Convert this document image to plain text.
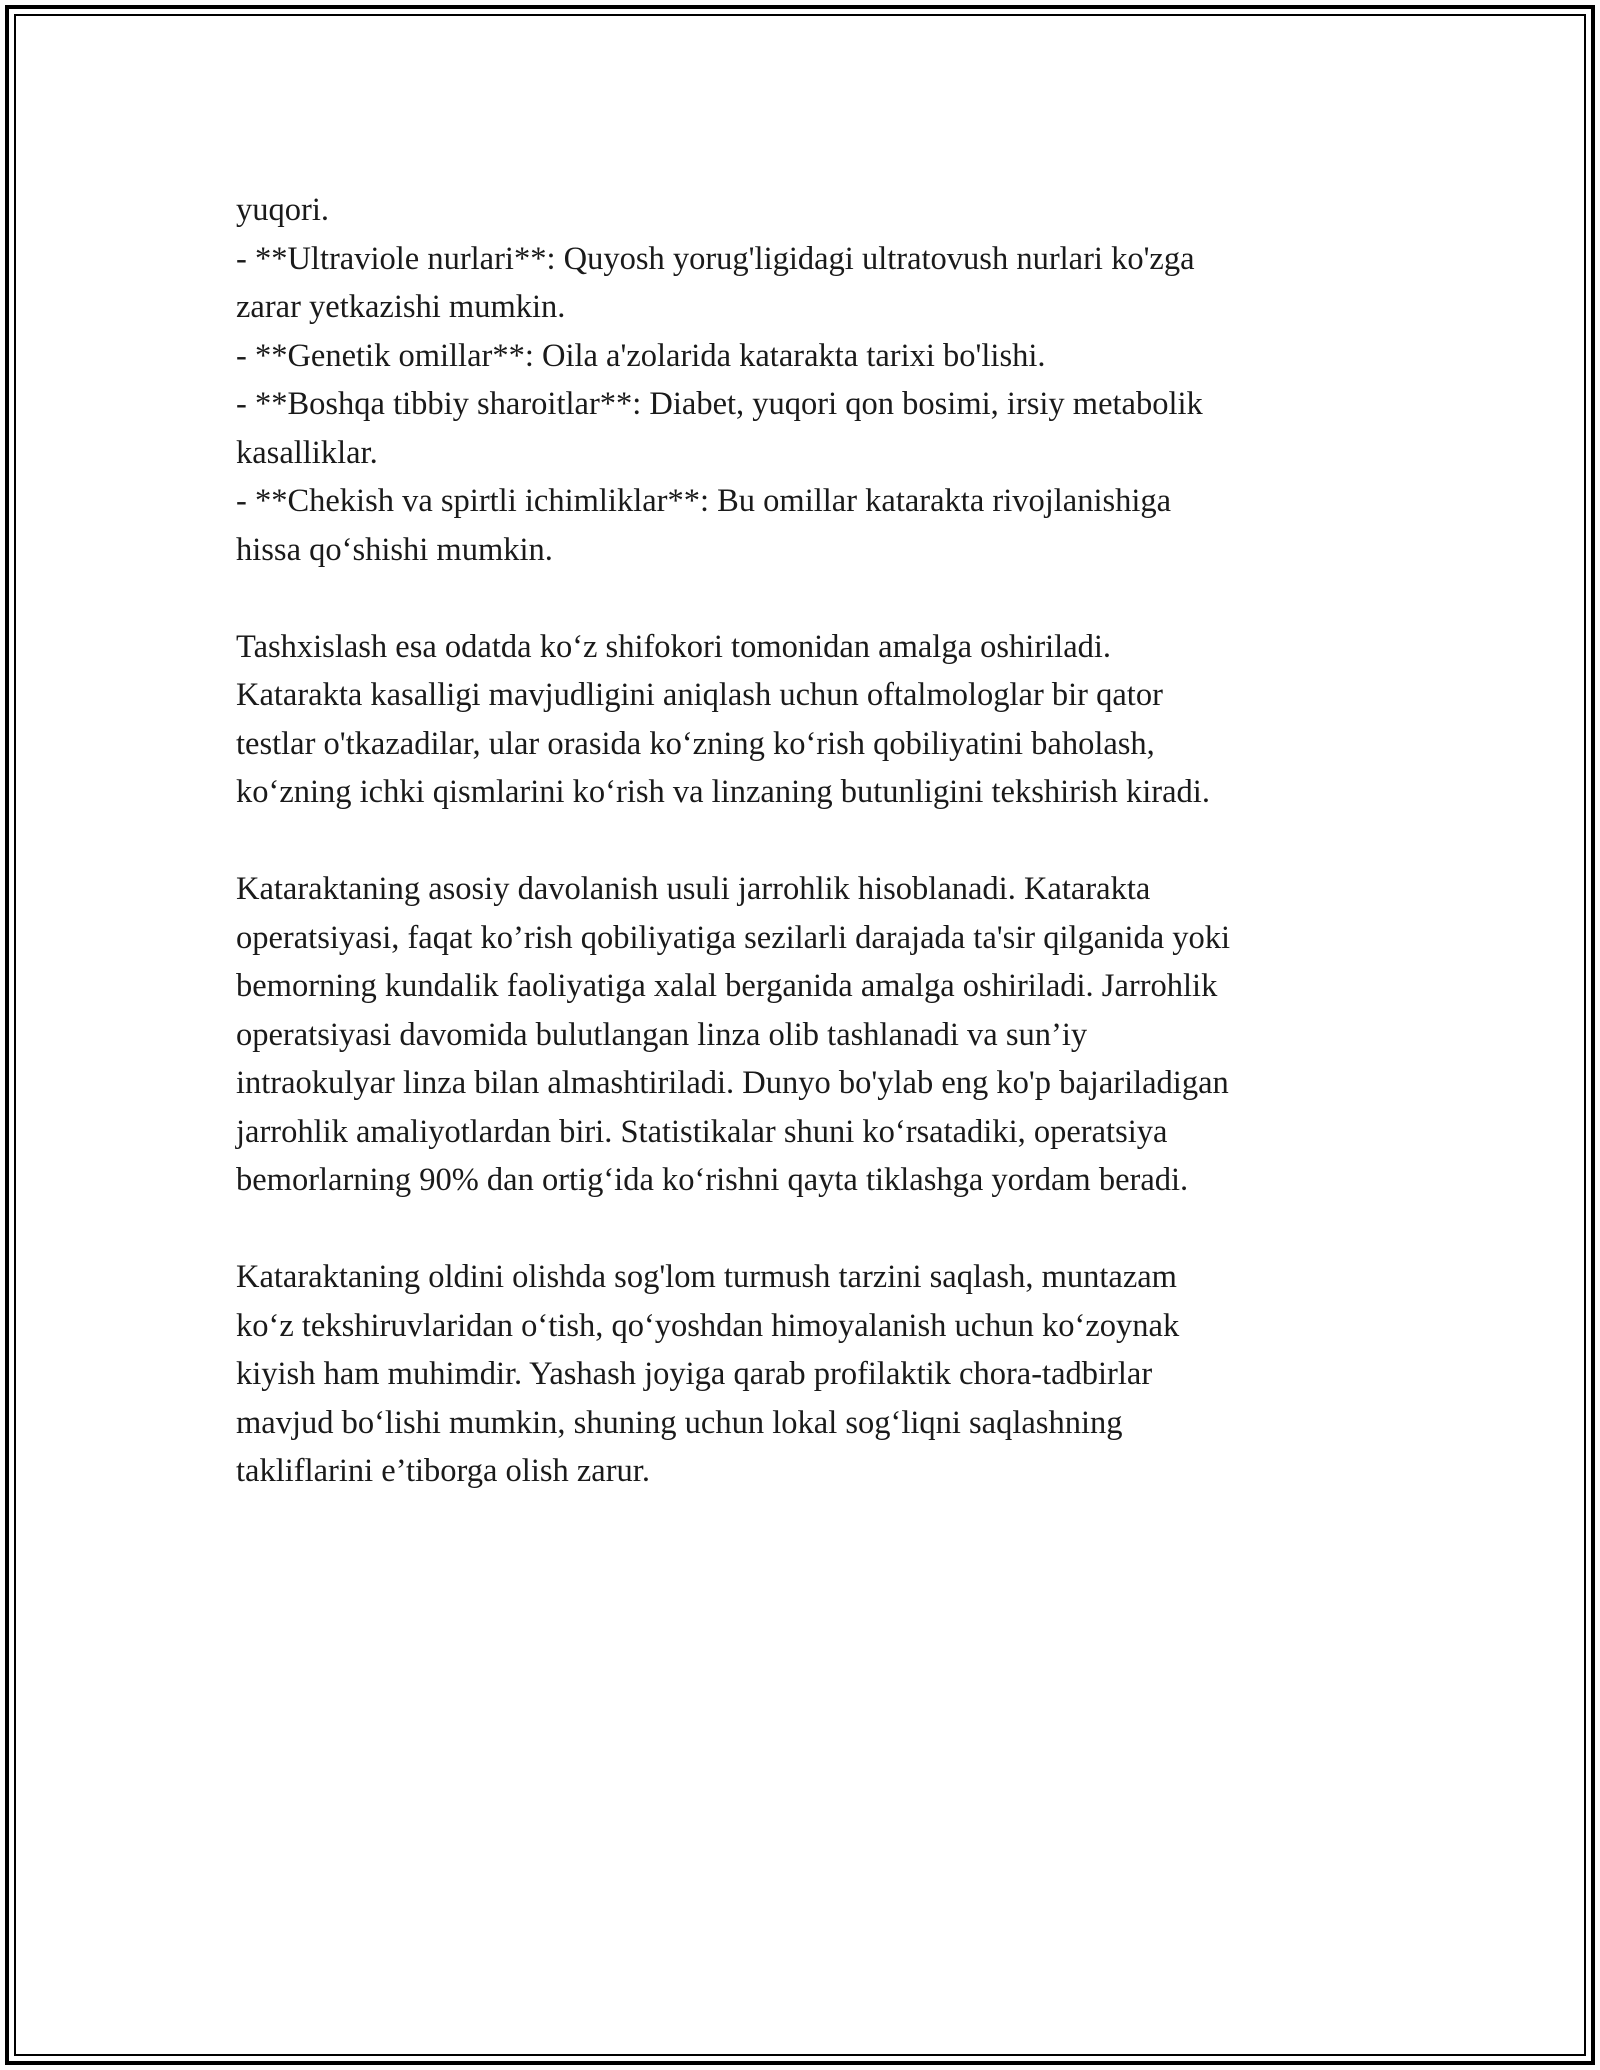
yuqori.
- **Ultraviole nurlari**: Quyosh yorug'ligidagi ultratovush nurlari ko'zga
zarar yetkazishi mumkin.
- **Genetik omillar**: Oila a'zolarida katarakta tarixi bo'lishi.
- **Boshqa tibbiy sharoitlar**: Diabet, yuqori qon bosimi, irsiy metabolik
kasalliklar.
- **Chekish va spirtli ichimliklar**: Bu omillar katarakta rivojlanishiga
hissa qo‘shishi mumkin.
Tashxislash esa odatda ko‘z shifokori tomonidan amalga oshiriladi.
Katarakta kasalligi mavjudligini aniqlash uchun oftalmologlar bir qator
testlar o'tkazadilar, ular orasida ko‘zning ko‘rish qobiliyatini baholash,
ko‘zning ichki qismlarini ko‘rish va linzaning butunligini tekshirish kiradi.
Kataraktaning asosiy davolanish usuli jarrohlik hisoblanadi. Katarakta
operatsiyasi, faqat ko’rish qobiliyatiga sezilarli darajada ta'sir qilganida yoki
bemorning kundalik faoliyatiga xalal berganida amalga oshiriladi. Jarrohlik
operatsiyasi davomida bulutlangan linza olib tashlanadi va sun’iy
intraokulyar linza bilan almashtiriladi. Dunyo bo'ylab eng ko'p bajariladigan
jarrohlik amaliyotlardan biri. Statistikalar shuni ko‘rsatadiki, operatsiya
bemorlarning 90% dan ortig‘ida ko‘rishni qayta tiklashga yordam beradi.
Kataraktaning oldini olishda sog'lom turmush tarzini saqlash, muntazam
ko‘z tekshiruvlaridan o‘tish, qo‘yoshdan himoyalanish uchun ko‘zoynak
kiyish ham muhimdir. Yashash joyiga qarab profilaktik chora-tadbirlar
mavjud bo‘lishi mumkin, shuning uchun lokal sog‘liqni saqlashning
takliflarini e’tiborga olish zarur.
